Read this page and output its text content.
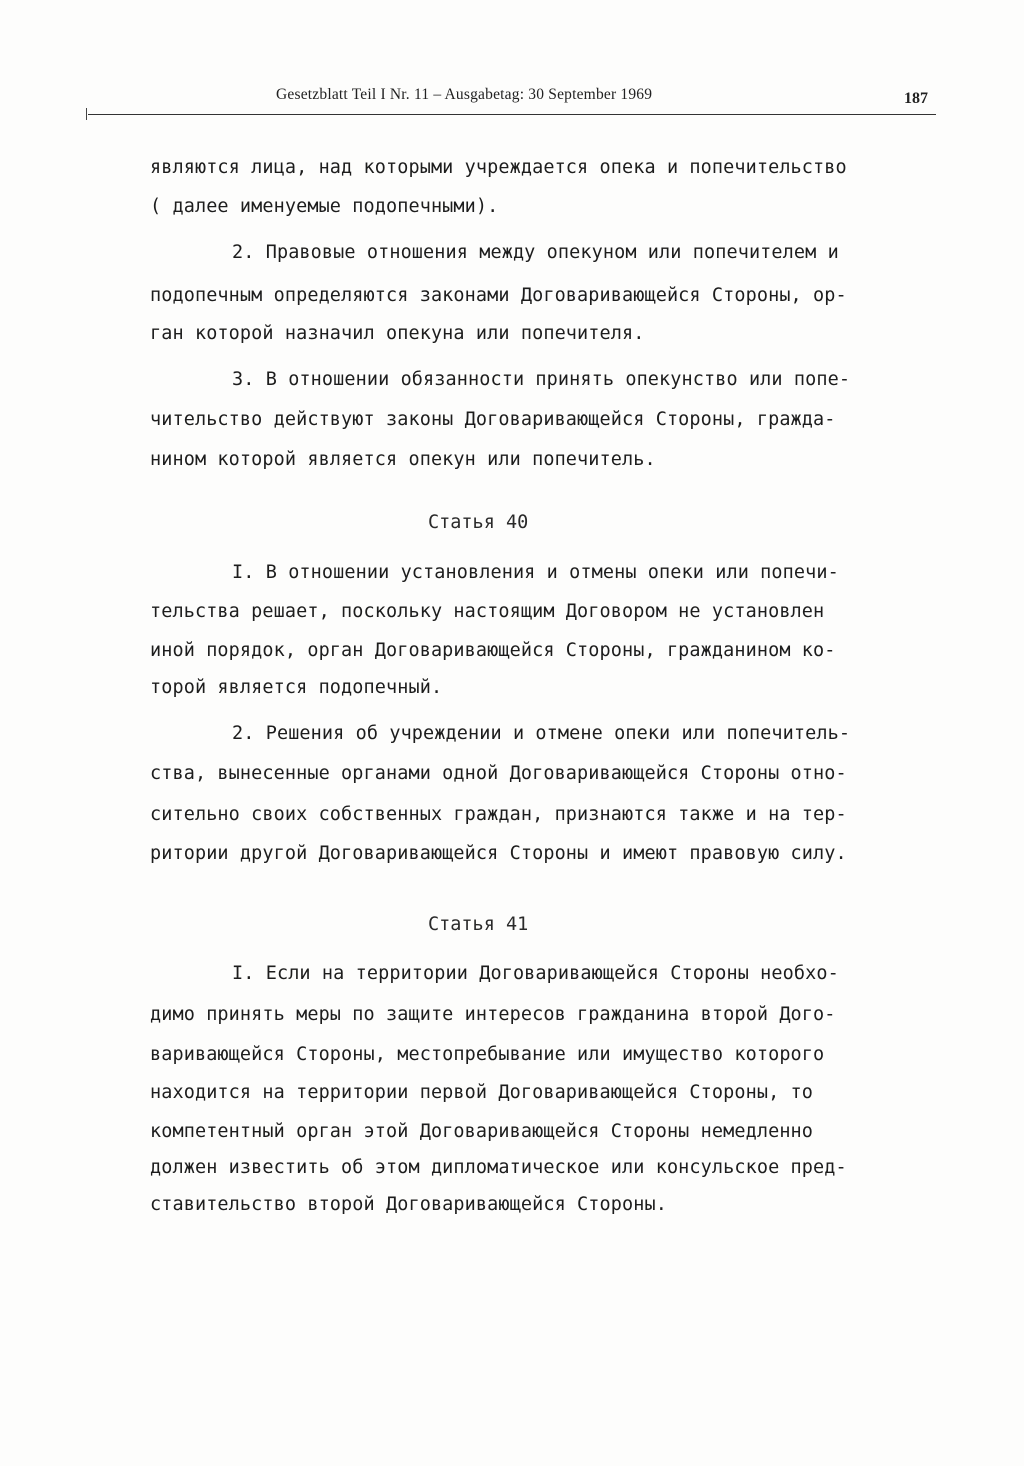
Gesetzblatt Teil I Nr. 11 – Ausgabetag: 30 September 1969	187
являются лица, над которыми учреждается опека и попечительство
( далее именуемые подопечными).
2. Правовые отношения между опекуном или попечителем и
подопечным определяются законами Договаривающейся Стороны, ор-
ган которой назначил опекуна или попечителя.
3. В отношении обязанности принять опекунство или попе-
чительство действуют законы Договаривающейся Стороны, гражда-
нином которой является опекун или попечитель.
Статья 40
I. В отношении установления и отмены опеки или попечи-
тельства решает, поскольку настоящим Договором не установлен
иной порядок, орган Договаривающейся Стороны, гражданином ко-
торой является подопечный.
2. Решения об учреждении и отмене опеки или попечитель-
ства, вынесенные органами одной Договаривающейся Стороны отно-
сительно своих собственных граждан, признаются также и на тер-
ритории другой Договаривающейся Стороны и имеют правовую силу.
Статья 41
I. Если на территории Договаривающейся Стороны необхо-
димо принять меры по защите интересов гражданина второй Дого-
варивающейся Стороны, местопребывание или имущество которого
находится на территории первой Договаривающейся Стороны, то
компетентный орган этой Договаривающейся Стороны немедленно
должен известить об этом дипломатическое или консульское пред-
ставительство второй Договаривающейся Стороны.
